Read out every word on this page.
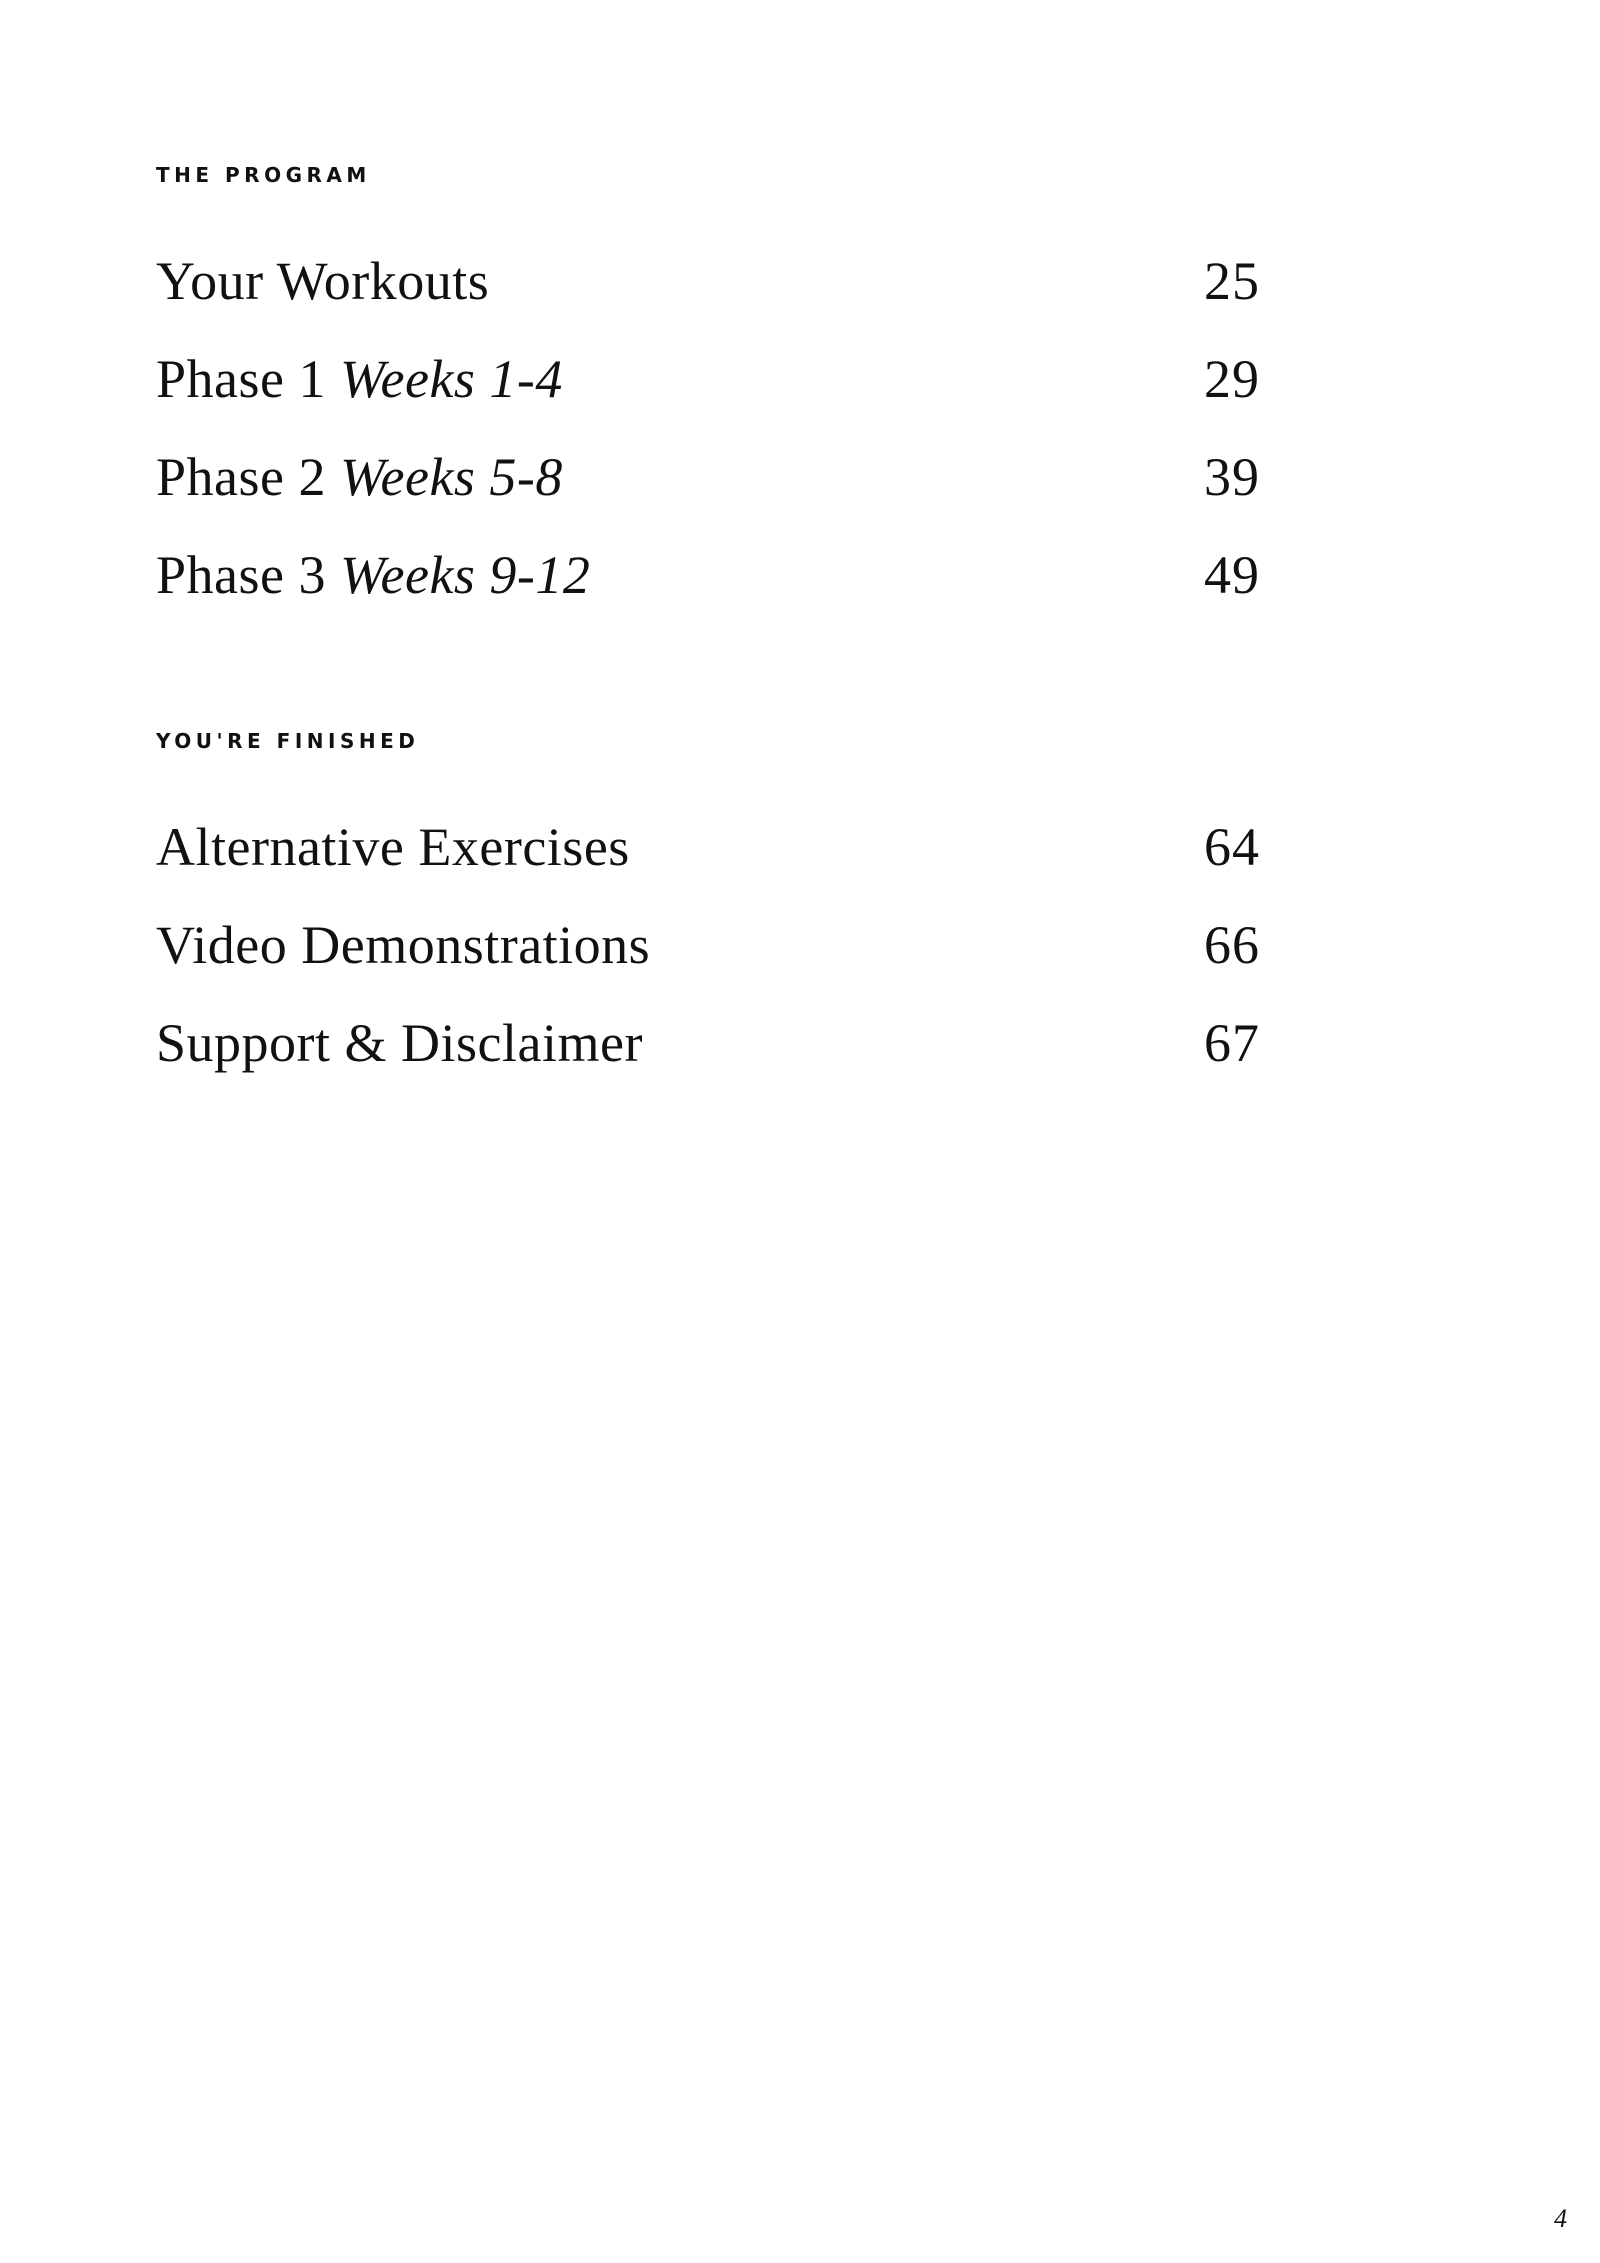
THE PROGRAM
Your Workouts	25
Phase 1 Weeks 1-4	29
Phase 2 Weeks 5-8	39
Phase 3 Weeks 9-12	49
YOU'RE FINISHED
Alternative Exercises	64
Video Demonstrations	66
Support & Disclaimer	67
4
